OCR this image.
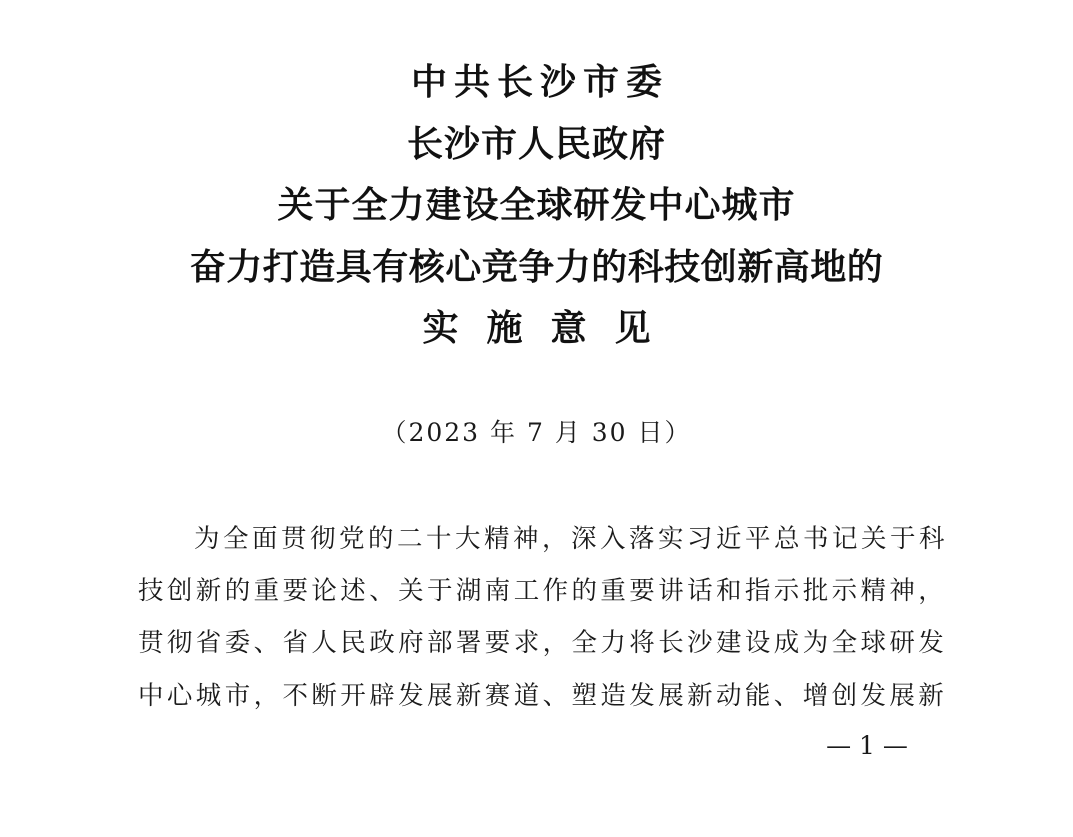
中共长沙市委
长沙市人民政府
关于全力建设全球研发中心城市
奋力打造具有核心竞争力的科技创新高地的
实施意见
（2023 年 7 月 30 日）
为全面贯彻党的二十大精神，深入落实习近平总书记关于科
技创新的重要论述、关于湖南工作的重要讲话和指示批示精神，
贯彻省委、省人民政府部署要求，全力将长沙建设成为全球研发
中心城市，不断开辟发展新赛道、塑造发展新动能、增创发展新
— 1 —
